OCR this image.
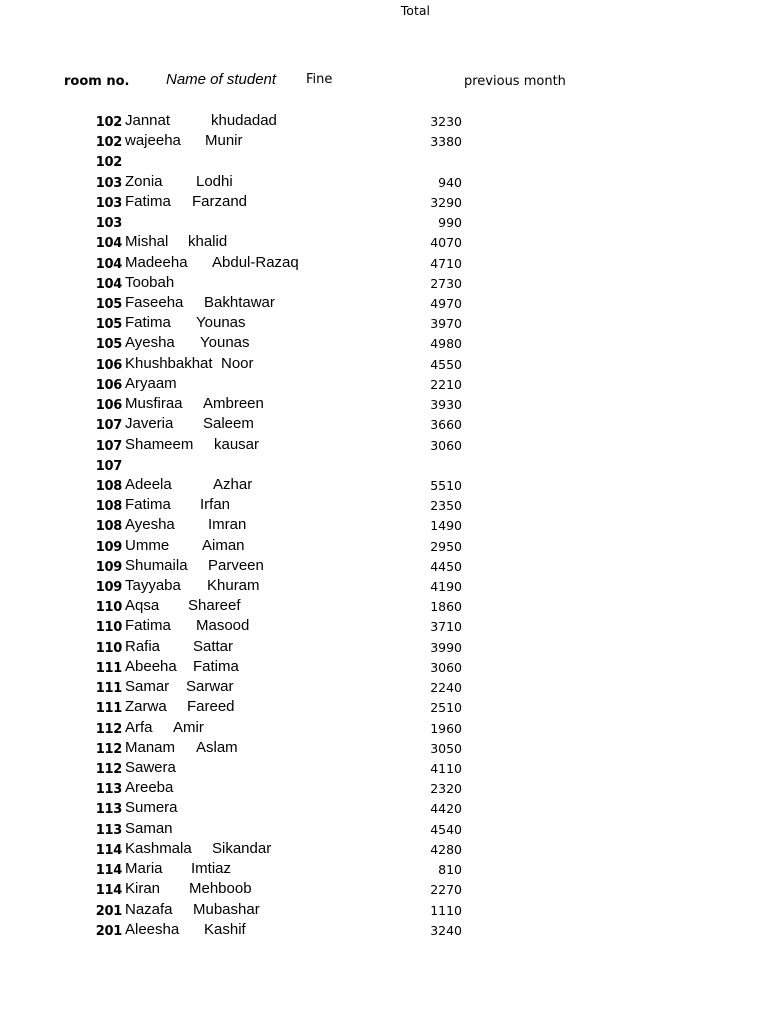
room no. Name of student Fine
Total
previous month
102 Jannat	khudadad	3230
102 wajeeha Munir	3380
102
103 Zonia Lodhi	940
103 Fatima Farzand	3290
103	990
104 Mishal khalid	4070
104 Madeeha Abdul-Razaq	4710
104 Toobah	2730
105 Faseeha Bakhtawar	4970
105 Fatima Younas	3970
105 Ayesha Younas	4980
106 Khushbakhat Noor	4550
106 Aryaam	2210
106 Musfiraa Ambreen	3930
107 Javeria Saleem	3660
107 Shameem kausar	3060
107
108 Adeela	Azhar	5510
108 Fatima Irfan	2350
108 Ayesha Imran	1490
109 Umme Aiman	2950
109 Shumaila Parveen	4450
109 Tayyaba Khuram	4190
110 Aqsa Shareef	1860
110 Fatima Masood	3710
110 Rafia Sattar	3990
111 Abeeha Fatima	3060
111 Samar Sarwar	2240
111 Zarwa Fareed	2510
112 Arfa Amir	1960
112 Manam Aslam	3050
112 Sawera	4110
113 Areeba	2320
113 Sumera	4420
113 Saman	4540
114 Kashmala Sikandar	4280
114 Maria Imtiaz	810
114 Kiran Mehboob	2270
201 Nazafa Mubashar	1110
201 Aleesha Kashif	3240
